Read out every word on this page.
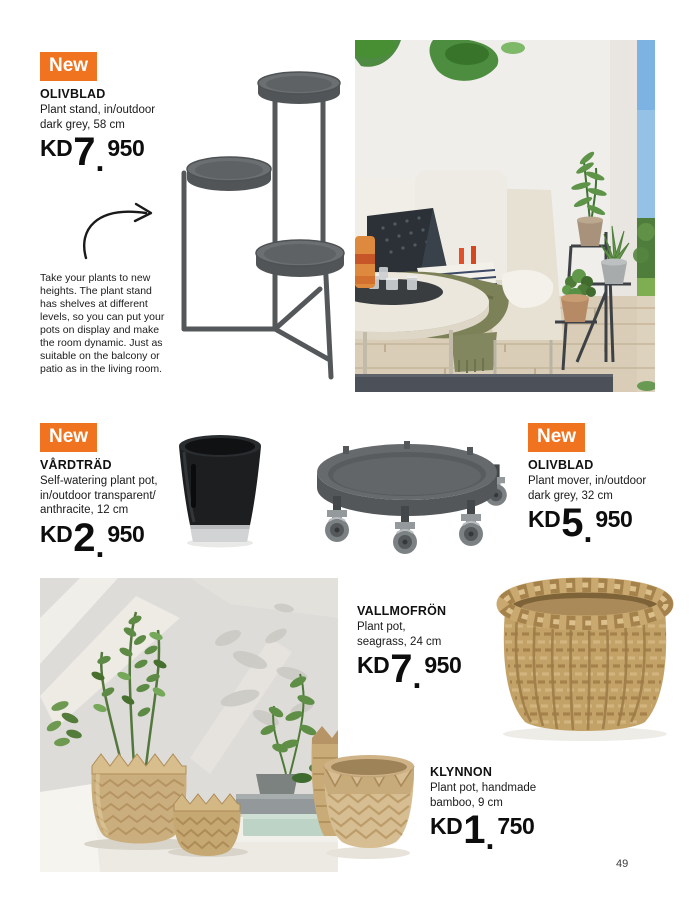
New
OLIVBLAD
Plant stand, in/outdoor
dark grey, 58 cm
KD 7 . 950

Take your plants to new heights. The plant stand has shelves at different levels, so you can put your pots on display and make the room dynamic. Just as suitable on the balcony or patio as in the living room.

New
VÅRDTRÄD
Self-watering plant pot,
in/outdoor transparent/
anthracite, 12 cm
KD 2 . 950
New
OLIVBLAD
Plant mover, in/outdoor
dark grey, 32 cm
KD 5 . 950
VALLMOFRÖN
Plant pot,
seagrass, 24 cm
KD 7 . 950
KLYNNON
Plant pot, handmade
bamboo, 9 cm
KD 1 . 750
49
